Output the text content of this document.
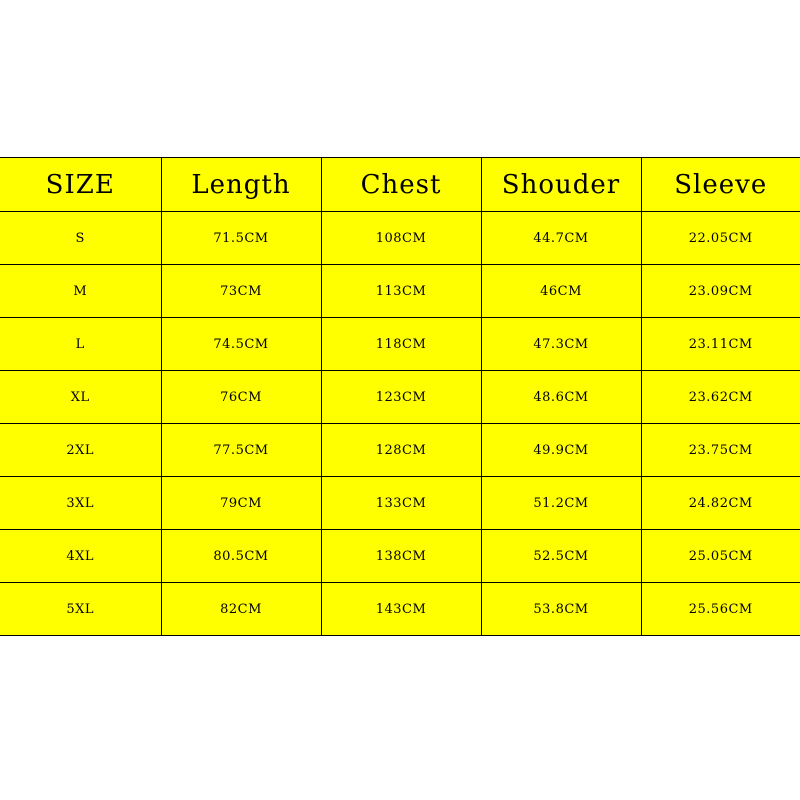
SIZE	Length	Chest	Shouder	Sleeve
S	71.5CM	108CM	44.7CM	22.05CM
M	73CM	113CM	46CM	23.09CM
L	74.5CM	118CM	47.3CM	23.11CM
XL	76CM	123CM	48.6CM	23.62CM
2XL	77.5CM	128CM	49.9CM	23.75CM
3XL	79CM	133CM	51.2CM	24.82CM
4XL	80.5CM	138CM	52.5CM	25.05CM
5XL	82CM	143CM	53.8CM	25.56CM
